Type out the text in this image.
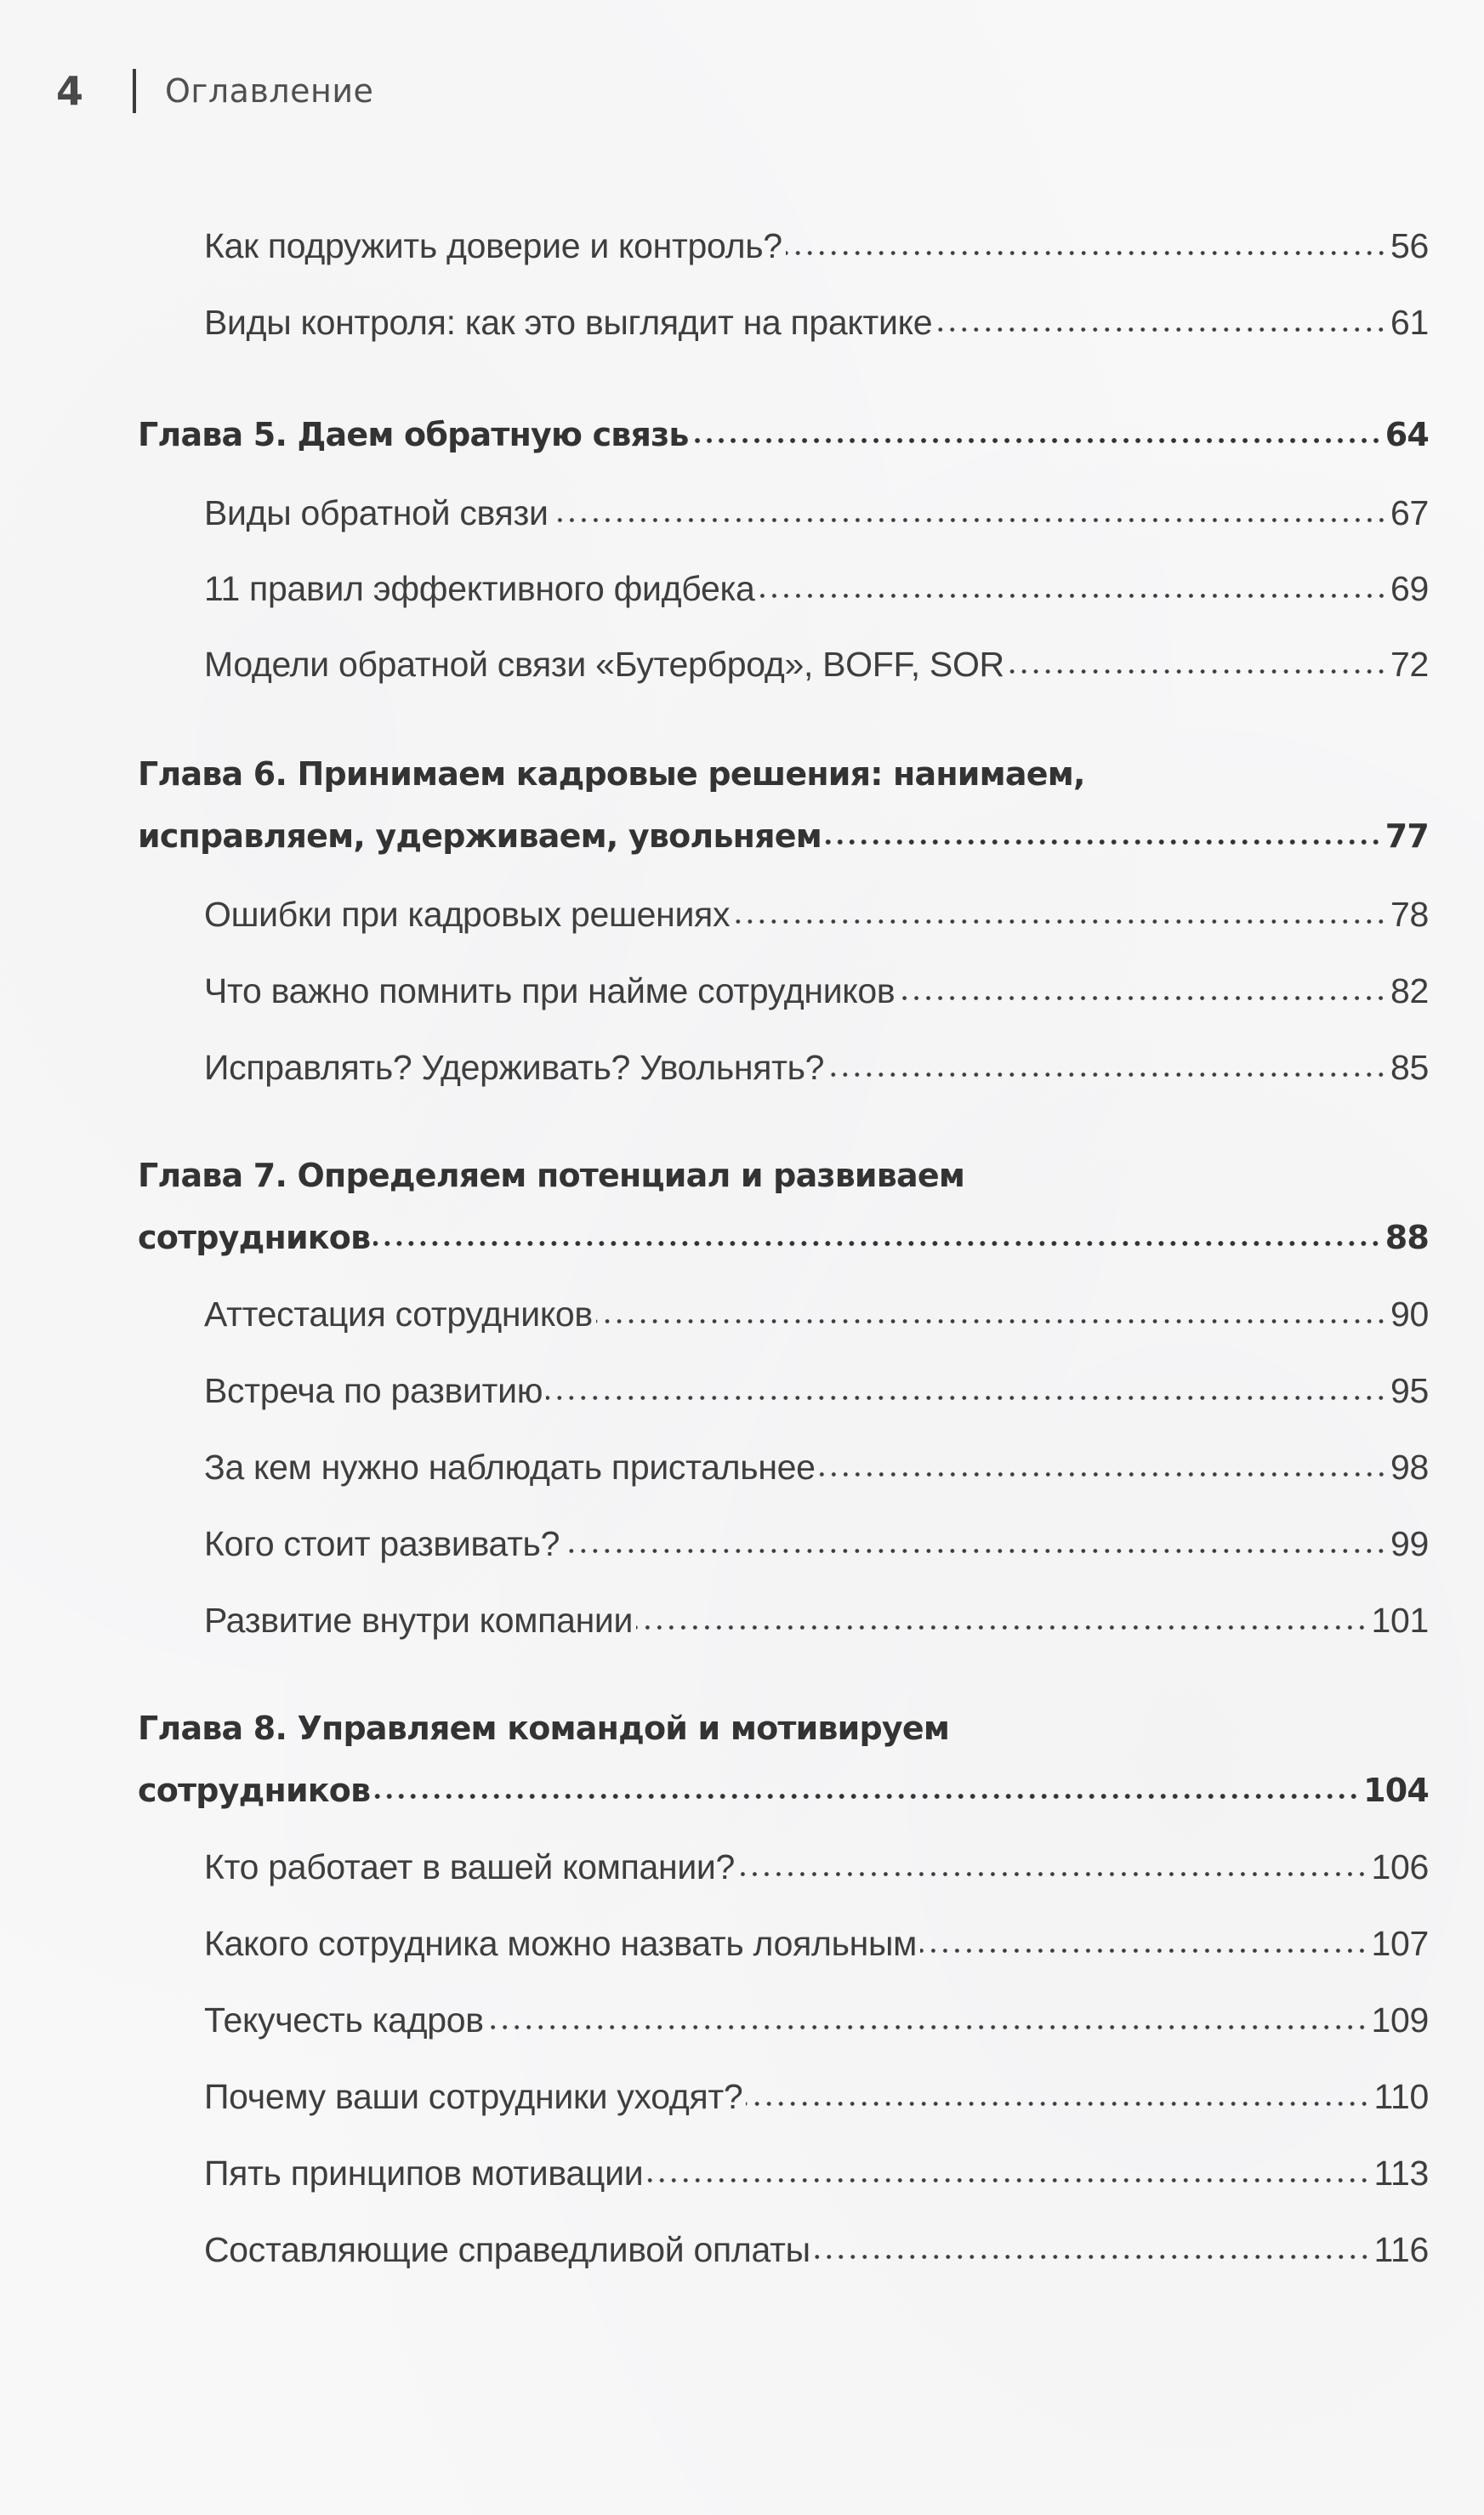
4	Оглавление
Как подружить доверие и контроль?	56
Виды контроля: как это выглядит на практике	61
Глава 5. Даем обратную связь	64
Виды обратной связи	67
11 правил эффективного фидбека	69
Модели обратной связи «Бутерброд», BOFF, SOR	72
Глава 6. Принимаем кадровые решения: нанимаем,
исправляем, удерживаем, увольняем	77
Ошибки при кадровых решениях	78
Что важно помнить при найме сотрудников	82
Исправлять? Удерживать? Увольнять?	85
Глава 7. Определяем потенциал и развиваем
сотрудников	88
Аттестация сотрудников	90
Встреча по развитию	95
За кем нужно наблюдать пристальнее	98
Кого стоит развивать?	99
Развитие внутри компании	101
Глава 8. Управляем командой и мотивируем
сотрудников	104
Кто работает в вашей компании?	106
Какого сотрудника можно назвать лояльным	107
Текучесть кадров	109
Почему ваши сотрудники уходят?	110
Пять принципов мотивации	113
Составляющие справедливой оплаты	116
